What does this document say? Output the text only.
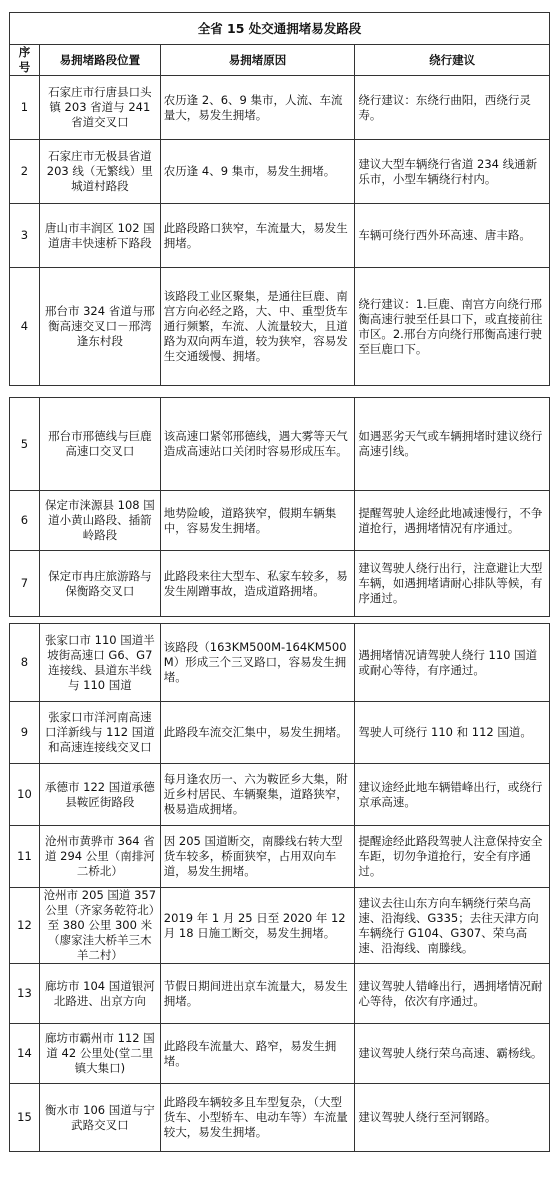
全省 15 处交通拥堵易发路段			
序号	易拥堵路段位置	易拥堵原因	绕行建议
1	石家庄市行唐县口头镇 203 省道与 241 省道交叉口	农历逢 2、6、9 集市，人流、车流量大，易发生拥堵。	绕行建议：东绕行曲阳，西绕行灵寿。
2	石家庄市无极县省道 203 线（无繁线）里城道村路段	农历逢 4、9 集市，易发生拥堵。	建议大型车辆绕行省道 234 线通新乐市，小型车辆绕行村内。
3	唐山市丰润区 102 国道唐丰快速桥下路段	此路段路口狭窄，车流量大，易发生拥堵。	车辆可绕行西外环高速、唐丰路。
4	邢台市 324 省道与邢衡高速交叉口－邢湾逢东村段	该路段工业区聚集，是通往巨鹿、南宫方向必经之路，大、中、重型货车通行频繁，车流、人流量较大，且道路为双向两车道，较为狭窄，容易发生交通缓慢、拥堵。	绕行建议：1.巨鹿、南宫方向绕行邢衡高速行驶至任县口下，或直接前往市区。2.邢台方向绕行邢衡高速行驶至巨鹿口下。
5	邢台市邢德线与巨鹿高速口交叉口	该高速口紧邻邢德线，遇大雾等天气造成高速站口关闭时容易形成压车。	如遇恶劣天气或车辆拥堵时建议绕行高速引线。
6	保定市涞源县 108 国道小黄山路段、插箭岭路段	地势险峻，道路狭窄，假期车辆集中，容易发生拥堵。	提醒驾驶人途经此地减速慢行，不争道抢行，遇拥堵情况有序通过。
7	保定市冉庄旅游路与保衡路交叉口	此路段来往大型车、私家车较多，易发生剐蹭事故，造成道路拥堵。	建议驾驶人绕行出行，注意避让大型车辆，如遇拥堵请耐心排队等候，有序通过。
8	张家口市 110 国道半坡街高速口 G6、G7 连接线、县道东半线与 110 国道	该路段（163KM500M-164KM500M）形成三个三叉路口，容易发生拥堵。	遇拥堵情况请驾驶人绕行 110 国道或耐心等待，有序通过。
9	张家口市洋河南高速口洋新线与 112 国道和高速连接线交叉口	此路段车流交汇集中，易发生拥堵。	驾驶人可绕行 110 和 112 国道。
10	承德市 122 国道承德县鞍匠街路段	每月逢农历一、六为鞍匠乡大集，附近乡村居民、车辆聚集，道路狭窄，极易造成拥堵。	建议途经此地车辆错峰出行，或绕行京承高速。
11	沧州市黄骅市 364 省道 294 公里（南排河二桥北）	因 205 国道断交，南滕线右转大型货车较多，桥面狭窄，占用双向车道，易发生拥堵。	提醒途经此路段驾驶人注意保持安全车距，切勿争道抢行，安全有序通过。
12	沧州市 205 国道 357 公里（齐家务乾符北）至 380 公里 300 米（廖家洼大桥羊三木羊二村）	2019 年 1 月 25 日至 2020 年 12 月 18 日施工断交，易发生拥堵。	建议去往山东方向车辆绕行荣乌高速、沿海线、G335；去往天津方向车辆绕行 G104、G307、荣乌高速、沿海线、南滕线。
13	廊坊市 104 国道银河北路进、出京方向	节假日期间进出京车流量大，易发生拥堵。	建议驾驶人错峰出行，遇拥堵情况耐心等待，依次有序通过。
14	廊坊市霸州市 112 国道 42 公里处(堂二里镇大集口)	此路段车流量大、路窄，易发生拥堵。	建议驾驶人绕行荣乌高速、霸杨线。
15	衡水市 106 国道与宁武路交叉口	此路段车辆较多且车型复杂，（大型货车、小型轿车、电动车等）车流量较大，易发生拥堵。	建议驾驶人绕行至河钢路。
